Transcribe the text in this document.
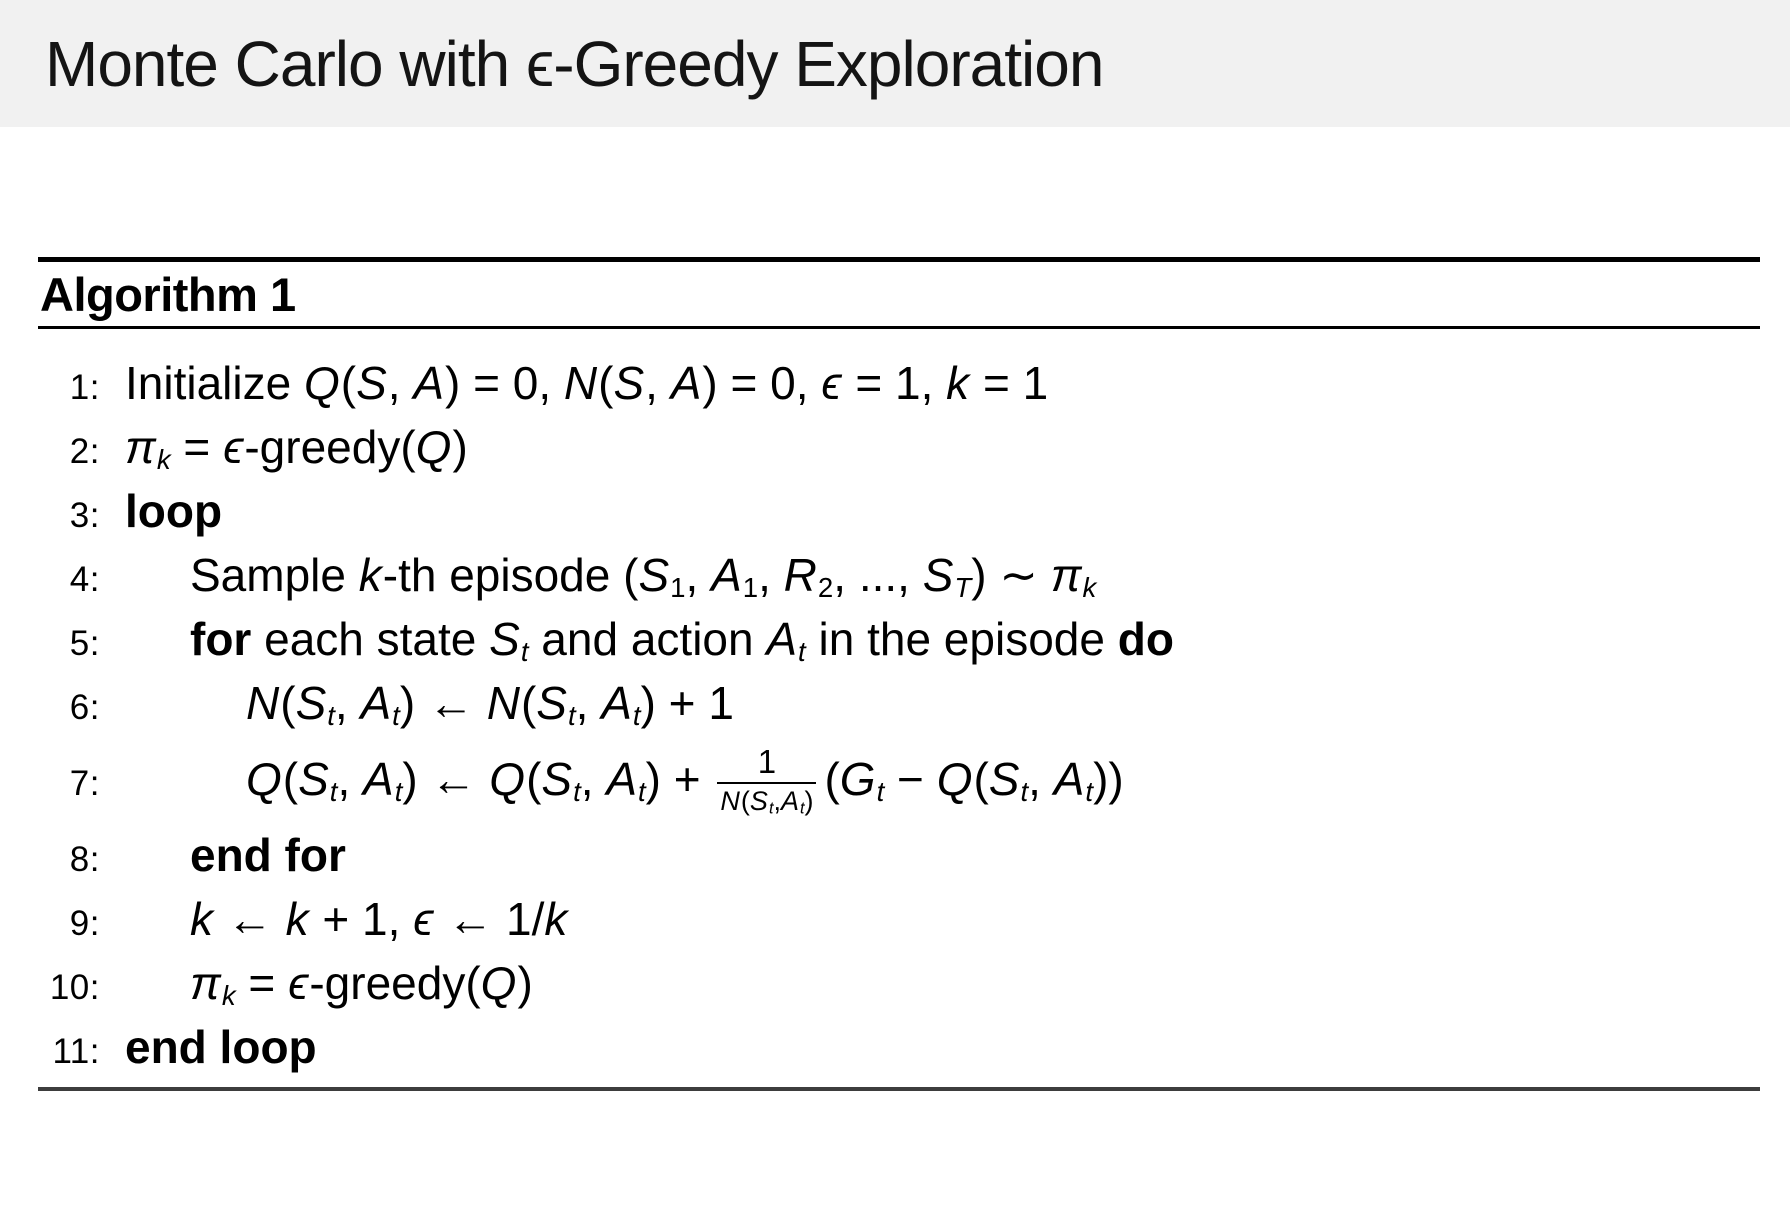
Monte Carlo with ϵ-Greedy Exploration
Algorithm 1
1: Initialize Q(S, A) = 0, N(S, A) = 0, ϵ = 1, k = 1
2: $\pi_k$ = ϵ-greedy(Q)
3: loop
4: Sample k-th episode ($S_1$, $A_1$, $R_2$, ..., $S_T$) ∼ $\pi_k$
5: for each state $S_t$ and action $A_t$ in the episode do
6:	$N(S_t$, $A_t$) ← $N(S_t$, $A_t) + 1$
7:	$Q(S_t$, $A_t$) ← $Q(S_t$, $A_t) + \frac{1}{N(S_t,A_t)} (G_t - Q(S_t$, $A_t$))
8: end for
9: k ← k + 1, ϵ ← 1/k
10: $\pi_k$ = ϵ-greedy(Q)
11: end loop
